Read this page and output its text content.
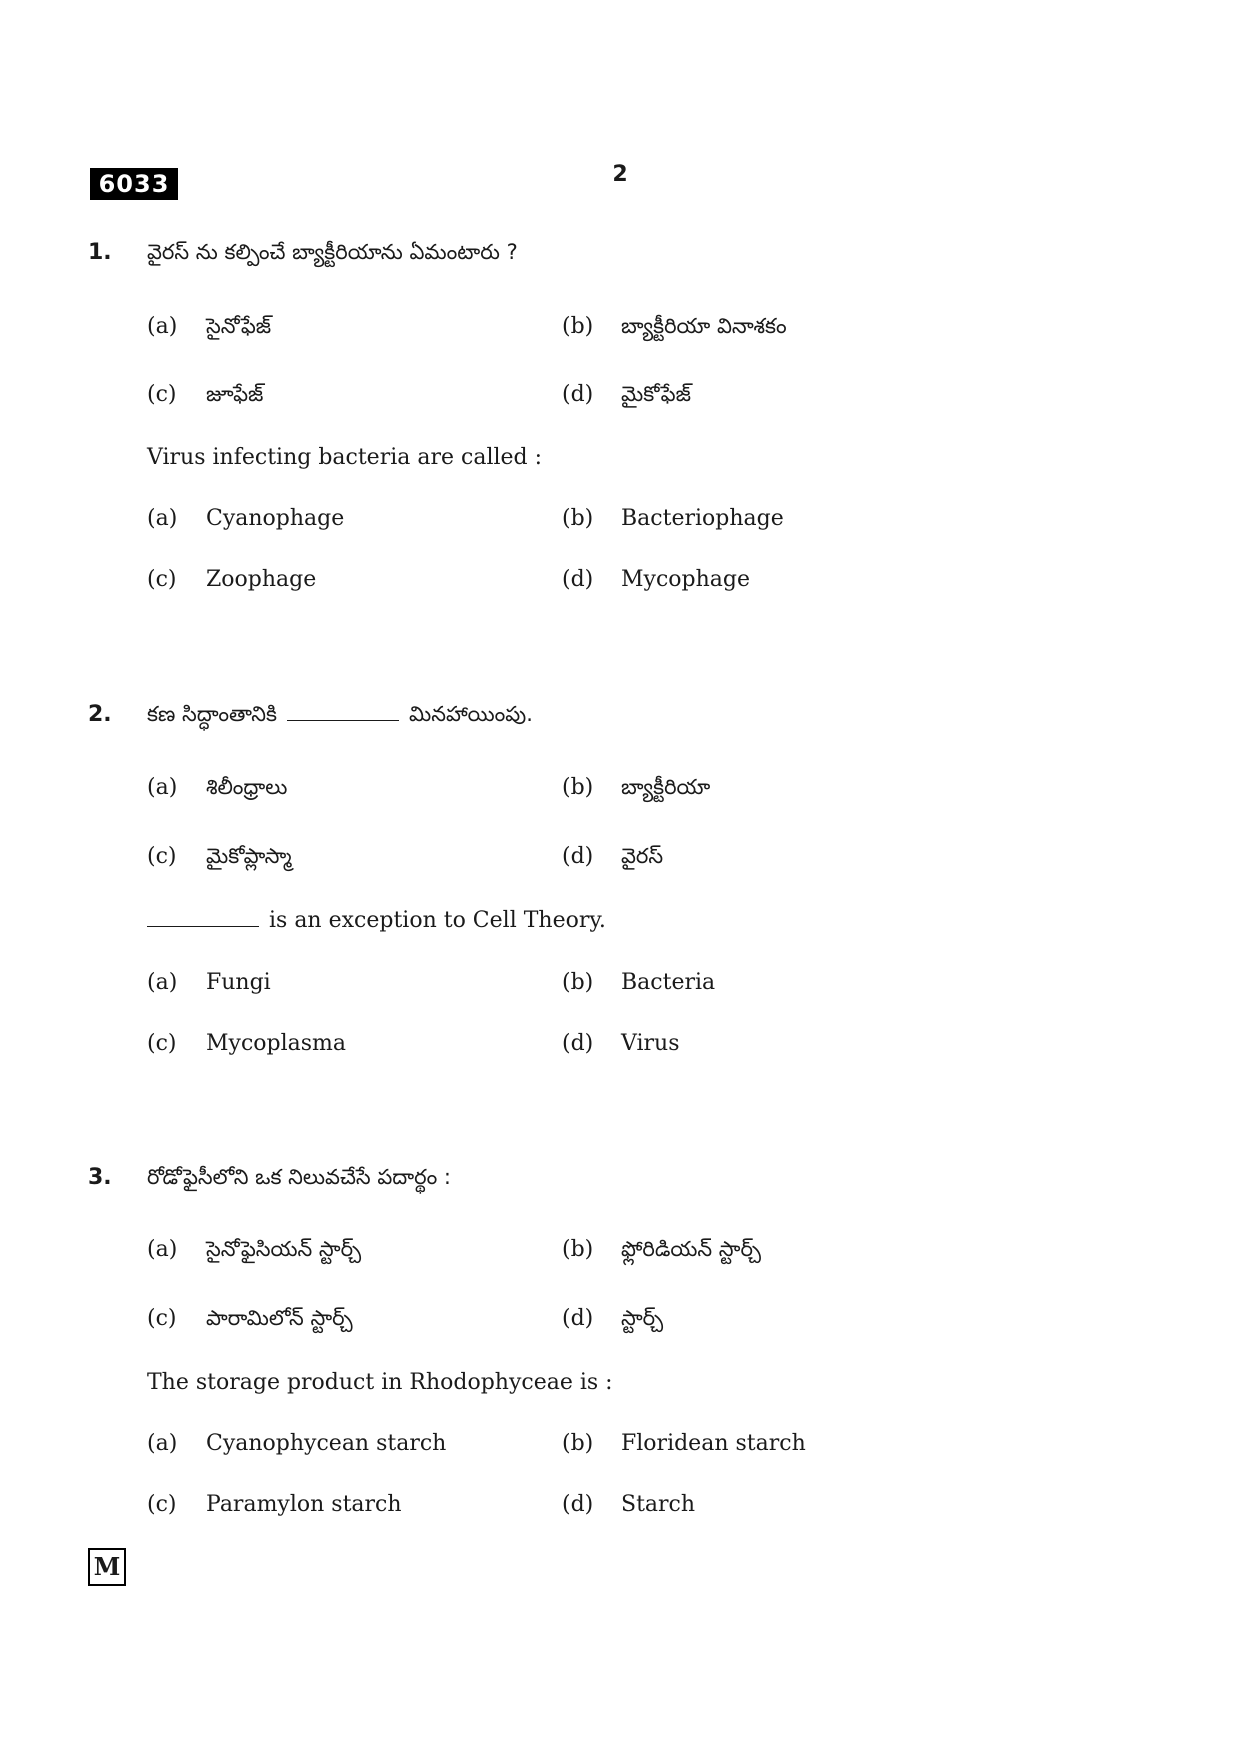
6033	2
1. వైరస్ ను కల్పించే బ్యాక్టీరియాను ఏమంటారు ?
(a) సైనోఫేజ్	(b) బ్యాక్టీరియా వినాశకం
(c) జూఫేజ్	(d) మైకోఫేజ్
Virus infecting bacteria are called :
(a) Cyanophage	(b) Bacteriophage
(c) Zoophage	(d) Mycophage
2. కణ సిద్ధాంతానికి	మినహాయింపు.
(a) శిలీంధ్రాలు	(b) బ్యాక్టీరియా
(c) మైకోప్లాస్మా	(d) వైరస్
is an exception to Cell Theory.
(a) Fungi	(b) Bacteria
(c) Mycoplasma	(d) Virus
3. రోడోఫైసీలోని ఒక నిలువచేసే పదార్థం :
(a) సైనోఫైసియన్ స్టార్చ్	(b) ఫ్లోరిడియన్ స్టార్చ్
(c) పారామిలోన్ స్టార్చ్	(d) స్టార్చ్
The storage product in Rhodophyceae is :
(a) Cyanophycean starch	(b) Floridean starch
(c) Paramylon starch	(d) Starch
M
